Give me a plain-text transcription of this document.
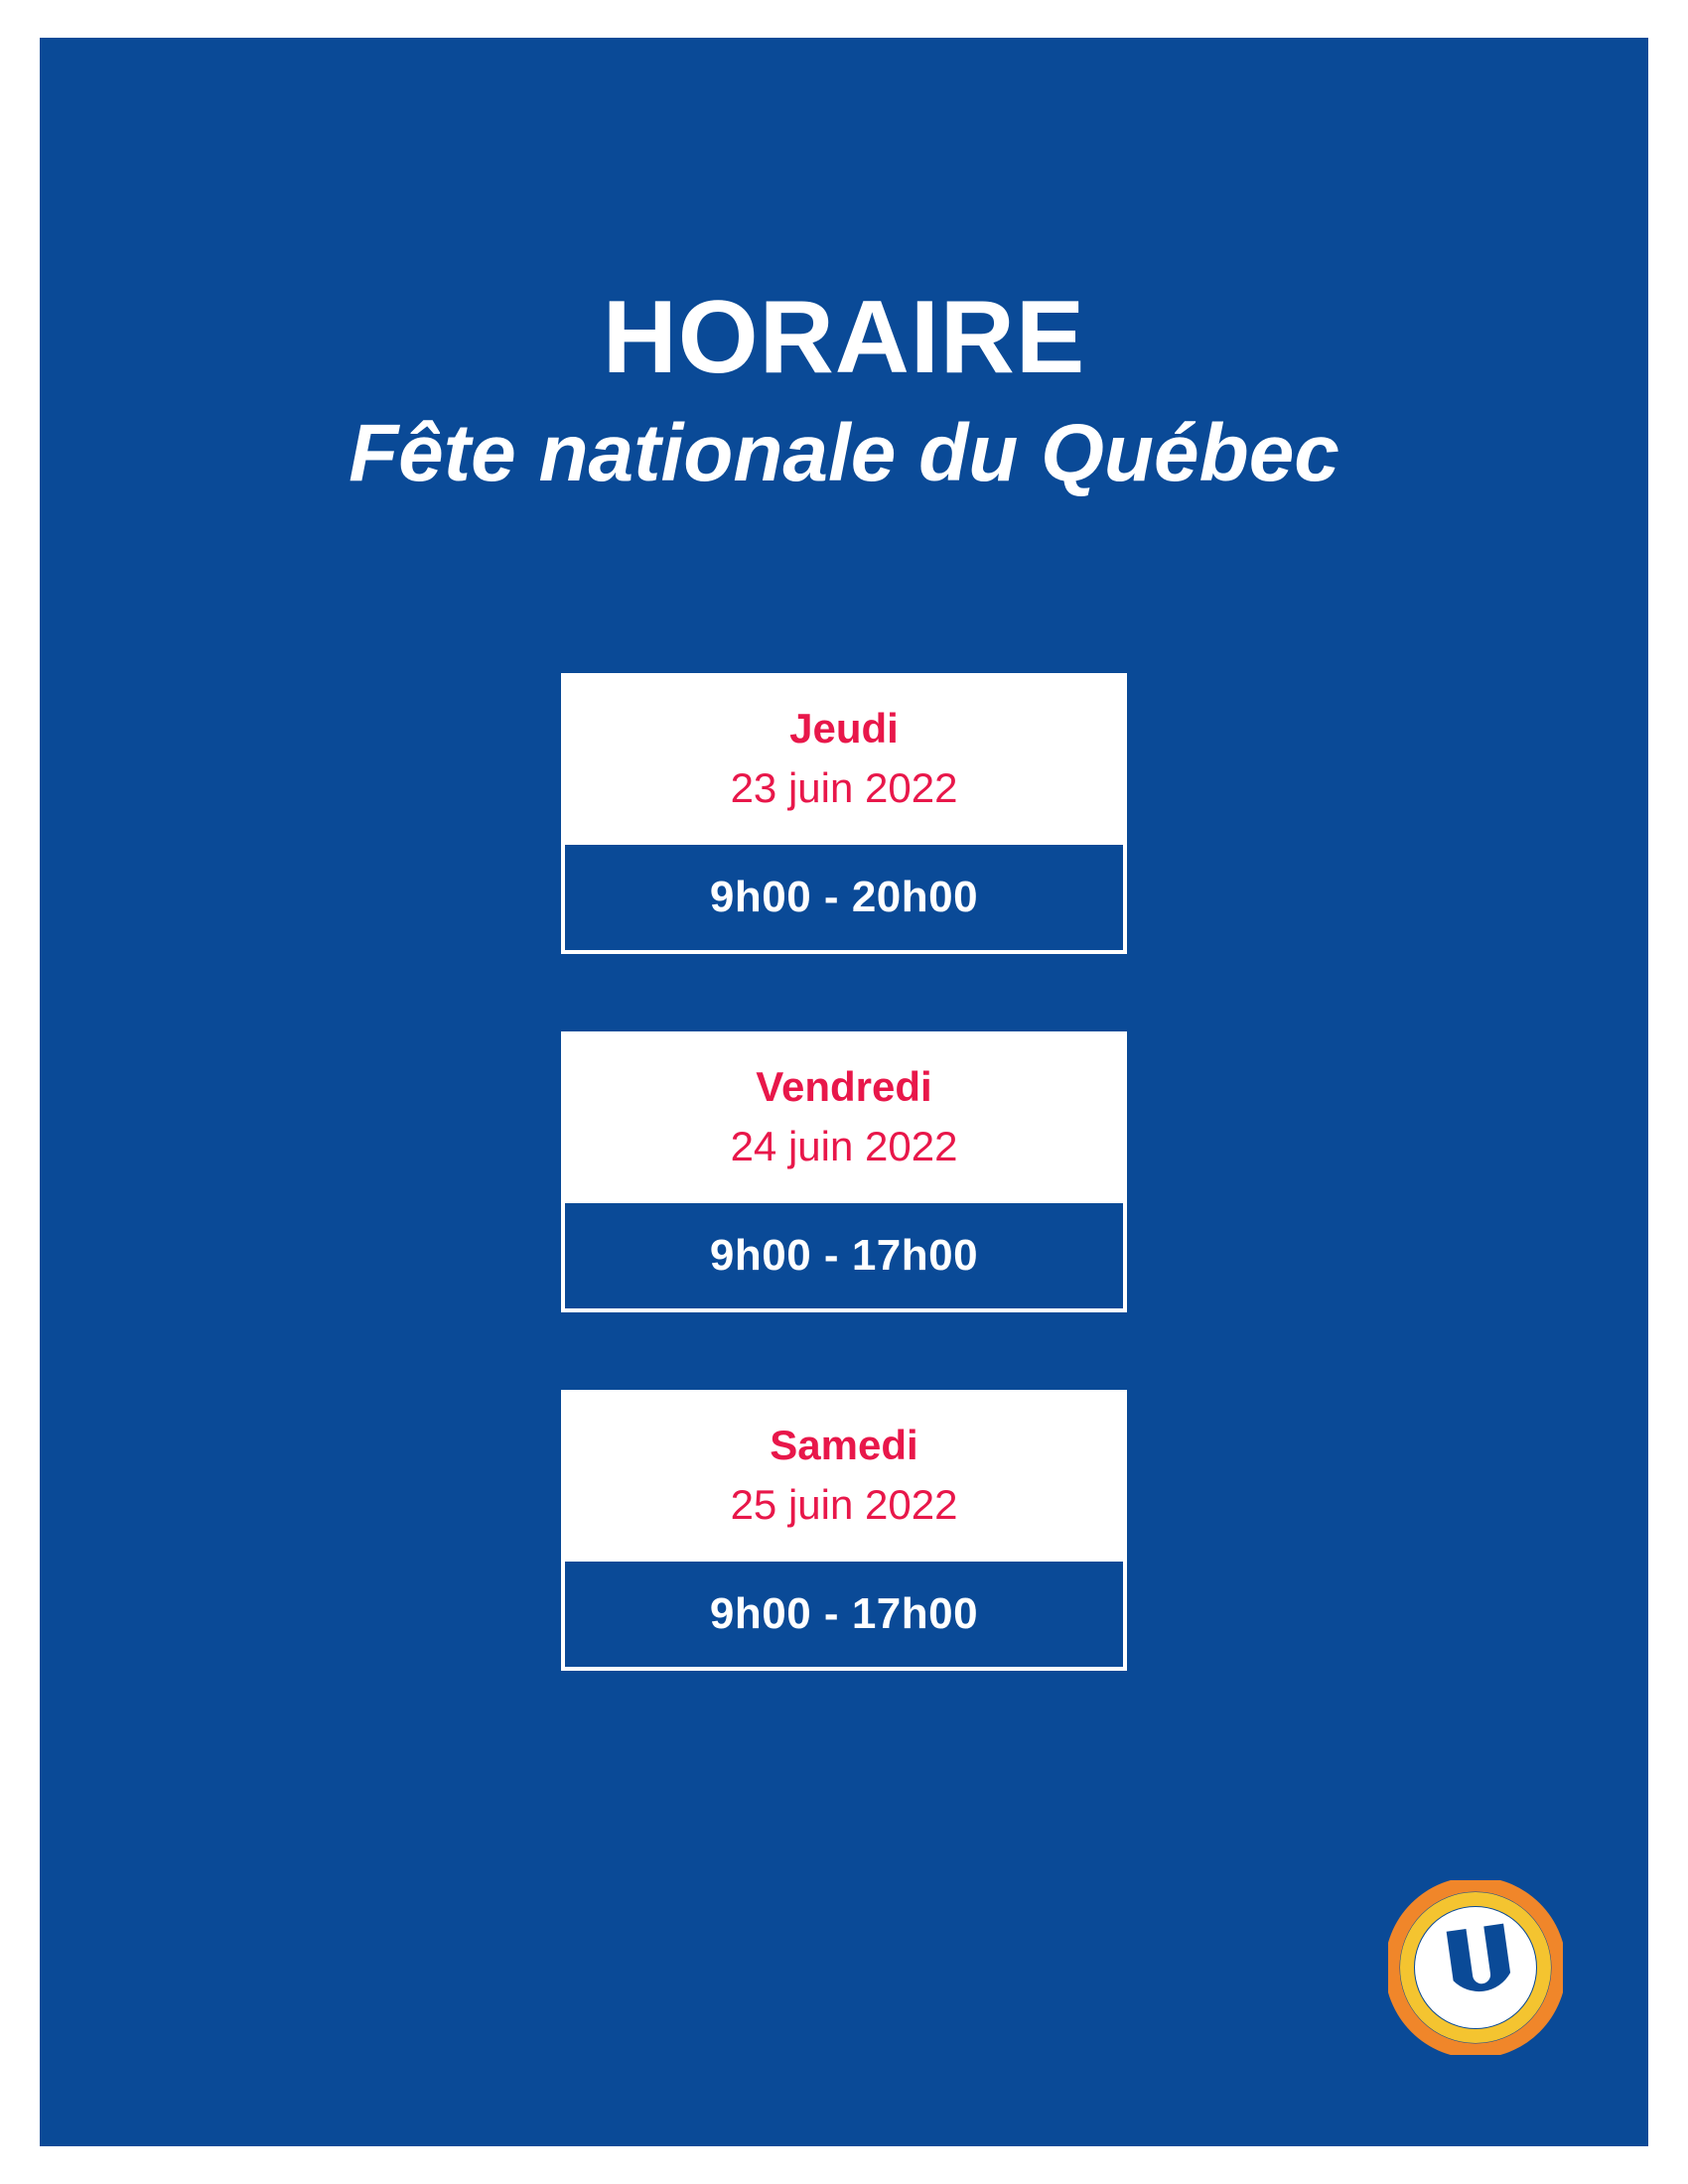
HORAIRE
Fête nationale du Québec
Jeudi
23 juin 2022
9h00 - 20h00
Vendredi
24 juin 2022
9h00 - 17h00
Samedi
25 juin 2022
9h00 - 17h00
